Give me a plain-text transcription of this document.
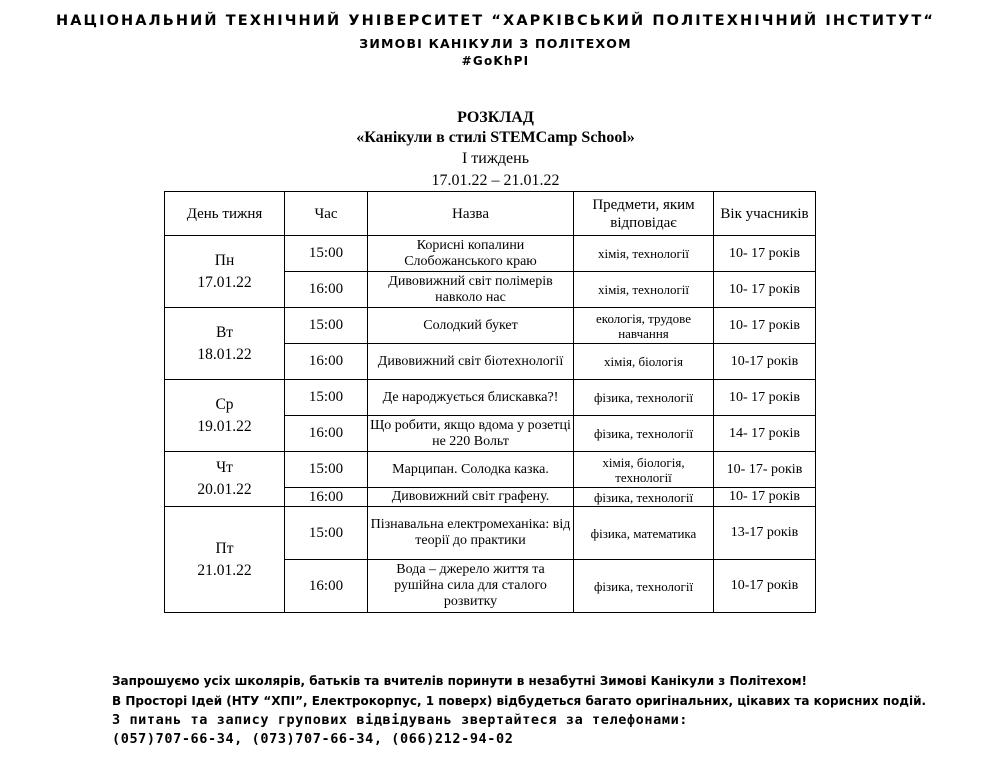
НАЦІОНАЛЬНИЙ ТЕХНІЧНИЙ УНІВЕРСИТЕТ “ХАРКІВСЬКИЙ ПОЛІТЕХНІЧНИЙ ІНСТИТУТ“
ЗИМОВІ КАНІКУЛИ З ПОЛІТЕХОМ
#GoKhPI
РОЗКЛАД
«Канікули в стилі STEMCamp School»
І тиждень
17.01.22 – 21.01.22
День тижня	Час	Назва	Предмети, яким відповідає	Вік учасників

Пн
17.01.22	15:00	Корисні копалини Слобожанського краю	хімія, технології	10- 17 років
	16:00	Дивовижний світ полімерів навколо нас	хімія, технології	10- 17 років

Вт
18.01.22	15:00	Солодкий букет	екологія, трудове навчання	10- 17 років
	16:00	Дивовижний світ біотехнології	хімія, біологія	10-17 років

Ср
19.01.22	15:00	Де народжується блискавка?!	фізика, технології	10- 17 років
	16:00	Що робити, якщо вдома у розетці не 220 Вольт	фізика, технології	14- 17 років

Чт
20.01.22	15:00	Марципан. Солодка казка.	хімія, біологія, технології	10- 17- років
	16:00	Дивовижний світ графену.	фізика, технології	10- 17 років

Пт
21.01.22	15:00	Пізнавальна електромеханіка: від теорії до практики	фізика, математика	13-17 років
	16:00	Вода – джерело життя та рушійна сила для сталого розвитку	фізика, технології	10-17 років
Запрошуємо усіх школярів, батьків та вчителів поринути в незабутні Зимові Канікули з Політехом!
В Просторі Ідей (НТУ “ХПІ”, Електрокорпус, 1 поверх) відбудеться багато оригінальних, цікавих та корисних подій.
З питань та запису групових відвідувань звертайтеся за телефонами:
(057)707-66-34, (073)707-66-34, (066)212-94-02
